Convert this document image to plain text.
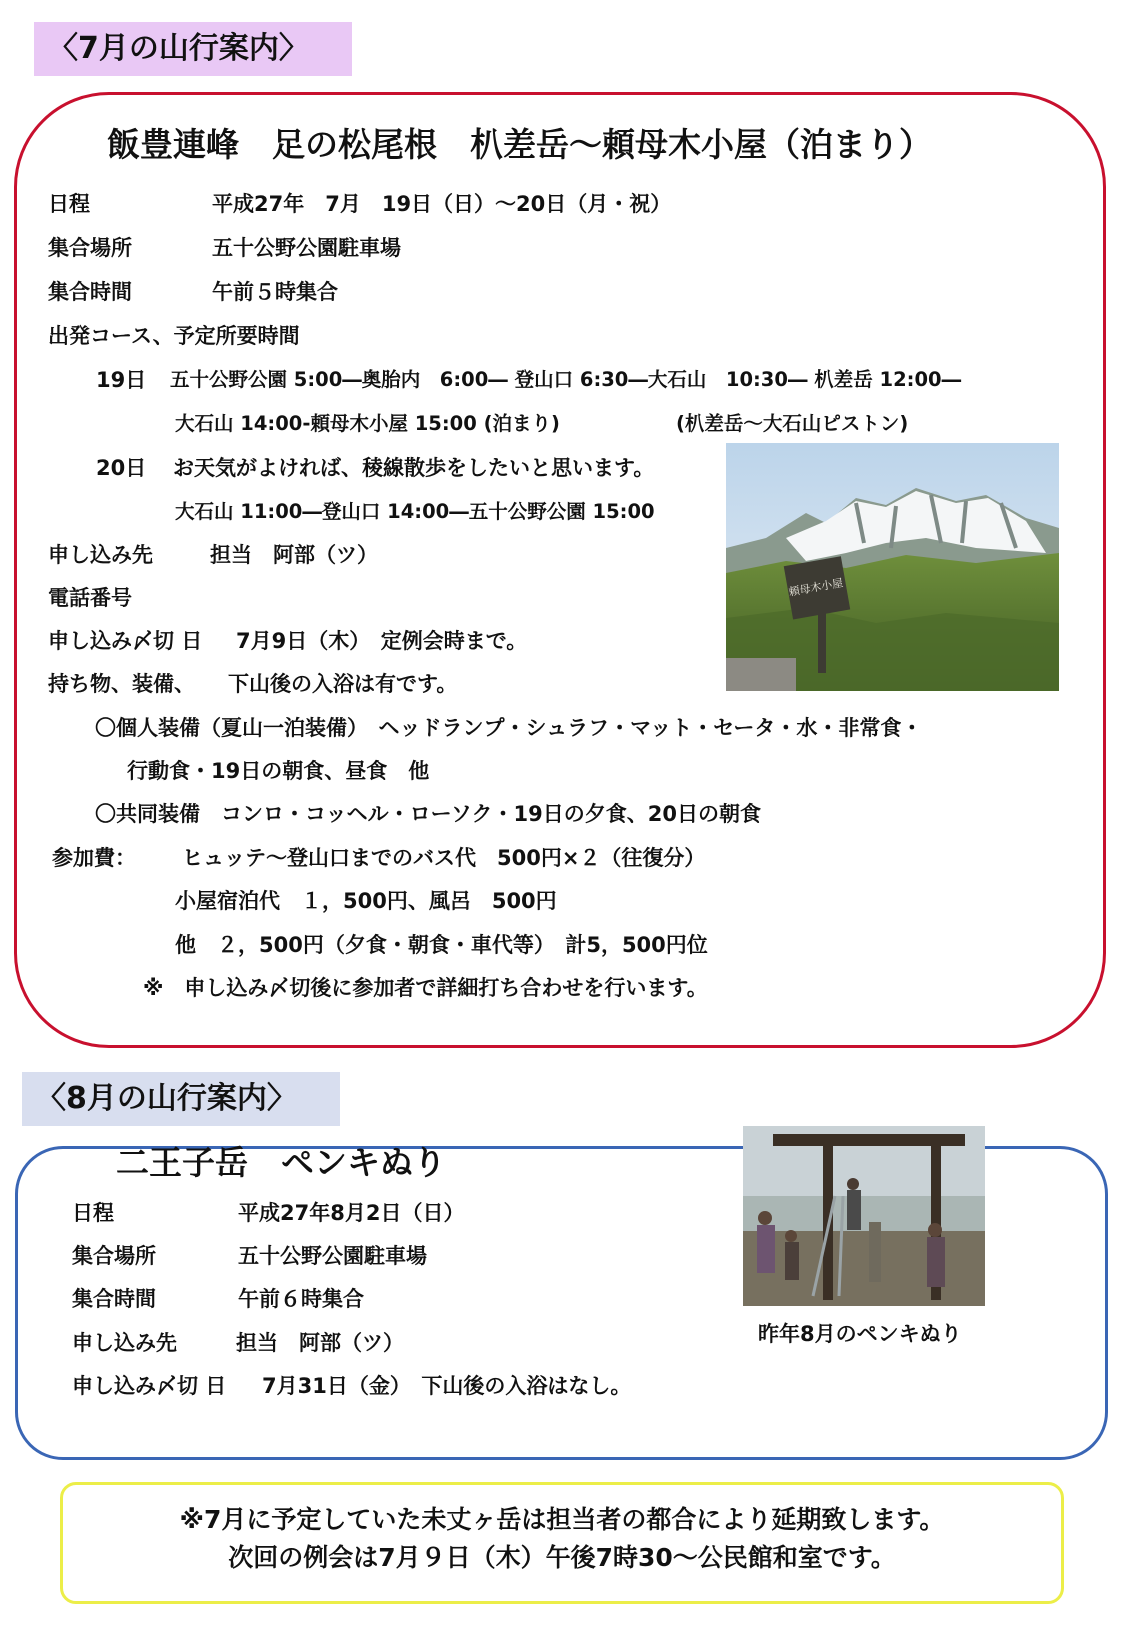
〈7月の山行案内〉
飯豊連峰　足の松尾根　朳差岳～頼母木小屋（泊まり）
日程	平成27年　7月　19日（日）～20日（月・祝）
集合場所	五十公野公園駐車場
集合時間	午前５時集合
出発コース、予定所要時間
19日 五十公野公園 5:00―奥胎内　6:00― 登山口 6:30―大石山　10:30― 朳差岳 12:00―
大石山 14:00-頼母木小屋 15:00 (泊まり)	(朳差岳～大石山ピストン)
20日 お天気がよければ、稜線散歩をしたいと思います。
大石山 11:00―登山口 14:00―五十公野公園 15:00
頼母木小屋
申し込み先	担当　阿部（ツ）
電話番号
申し込み〆切 日 7月9日（木）　定例会時まで。
持ち物、装備、 下山後の入浴は有です。
〇個人装備（夏山一泊装備）　ヘッドランプ・シュラフ・マット・セータ・水・非常食・
行動食・19日の朝食、昼食　他
〇共同装備　コンロ・コッヘル・ローソク・19日の夕食、20日の朝食
参加費： ヒュッテ～登山口までのバス代　500円×２（往復分）
小屋宿泊代　１，500円、風呂　500円
他　２，500円（夕食・朝食・車代等）　計5，500円位
※　申し込み〆切後に参加者で詳細打ち合わせを行います。
〈8月の山行案内〉
二王子岳　ペンキぬり
日程	平成27年8月2日（日）
集合場所	五十公野公園駐車場
集合時間	午前６時集合
申し込み先	担当　阿部（ツ）
申し込み〆切 日 7月31日（金）　下山後の入浴はなし。
昨年8月のペンキぬり
※7月に予定していた未丈ヶ岳は担当者の都合により延期致します。
次回の例会は7月９日（木）午後7時30～公民館和室です。
